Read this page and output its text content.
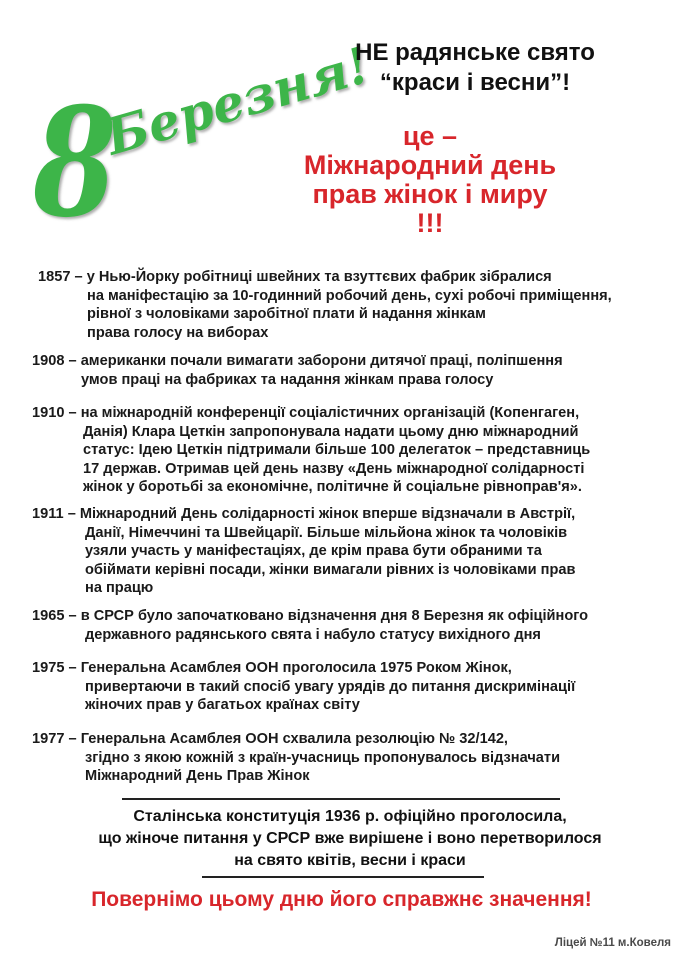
8
Березня!
НЕ радянське свято
“краси і весни”!
це –
Міжнародний день
прав жінок і миру
!!!
1857 – у Нью-Йорку робітниці швейних та взуттєвих фабрик зібралися
на маніфестацію за 10-годинний робочий день, сухі робочі приміщення,
рівної з чоловіками заробітної плати й надання жінкам
права голосу на виборах
1908 – американки почали вимагати заборони дитячої праці, поліпшення
умов праці на фабриках та надання жінкам права голосу
1910 – на міжнародній конференції соціалістичних організацій (Копенгаген,
Данія) Клара Цеткін запропонувала надати цьому дню міжнародний
статус: Ідею Цеткін підтримали більше 100 делегаток – представниць
17 держав. Отримав цей день назву «День міжнародної солідарності
жінок у боротьбі за економічне, політичне й соціальне рівноправ'я».
1911 – Міжнародний День солідарності жінок вперше відзначали в Австрії,
Данії, Німеччині та Швейцарії. Більше мільйона жінок та чоловіків
узяли участь у маніфестаціях, де крім права бути обраними та
обіймати керівні посади, жінки вимагали рівних із чоловіками прав
на працю
1965 – в СРСР було започатковано відзначення дня 8 Березня як офіційного
державного радянського свята і набуло статусу вихідного дня
1975 – Генеральна Асамблея ООН проголосила 1975 Роком Жінок,
привертаючи в такий спосіб увагу урядів до питання дискримінації
жіночих прав у багатьох країнах світу
1977 – Генеральна Асамблея ООН схвалила резолюцію № 32/142,
згідно з якою кожній з країн-учасниць пропонувалось відзначати
Міжнародний День Прав Жінок
Сталінська конституція 1936 р. офіційно проголосила,
що жіноче питання у СРСР вже вирішене і воно перетворилося
на свято квітів, весни і краси
Повернімо цьому дню його справжнє значення!
Ліцей №11 м.Ковеля
